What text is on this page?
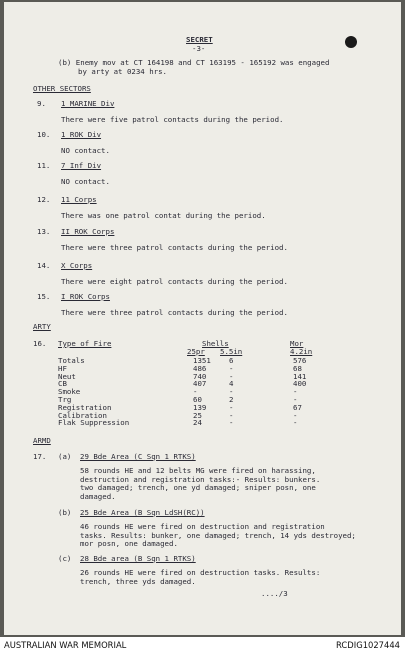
SECRET
-3-
(b) Enemy mov at CT 164198 and CT 163195 - 165192 was engaged
by arty at 0234 hrs.
OTHER SECTORS
ARTY
16. Type of Fire	Shells	Mor
25pr 5.5in	4.2in
ARMD
17.
..../3
9. 1 MARINE Div
There were five patrol contacts during the period.
10. 1 ROK Div
NO contact.
11. 7 Inf Div
NO contact.
12. 11 Corps
There was one patrol contat during the period.
13. II ROK Corps
There were three patrol contacts during the period.
14. X Corps
There were eight patrol contacts during the period.
15. I ROK Corps
There were three patrol contacts during the period.
Totals	1351 6	576
HF	486	-	68
Neut	740	-	141
CB	407	4	400
Smoke	-	-	-
Trg	60	2	-
Registration	139	-	67
Calibration	25	-	-
Flak Suppression	24	-	-
(a) 29 Bde Area (C Sqn 1 RTKS)
58 rounds HE and 12 belts MG were fired on harassing,
destruction and registration tasks:- Results: bunkers.
two damaged; trench, one yd damaged; sniper posn, one
damaged.
(b) 25 Bde Area (B Sqn LdSH(RC))
46 rounds HE were fired on destruction and registration
tasks. Results: bunker, one damaged; trench, 14 yds destroyed;
mor posn, one damaged.
(c) 28 Bde area (B Sqn 1 RTKS)
26 rounds HE were fired on destruction tasks. Results:
trench, three yds damaged.
AUSTRALIAN WAR MEMORIAL	RCDIG1027444
